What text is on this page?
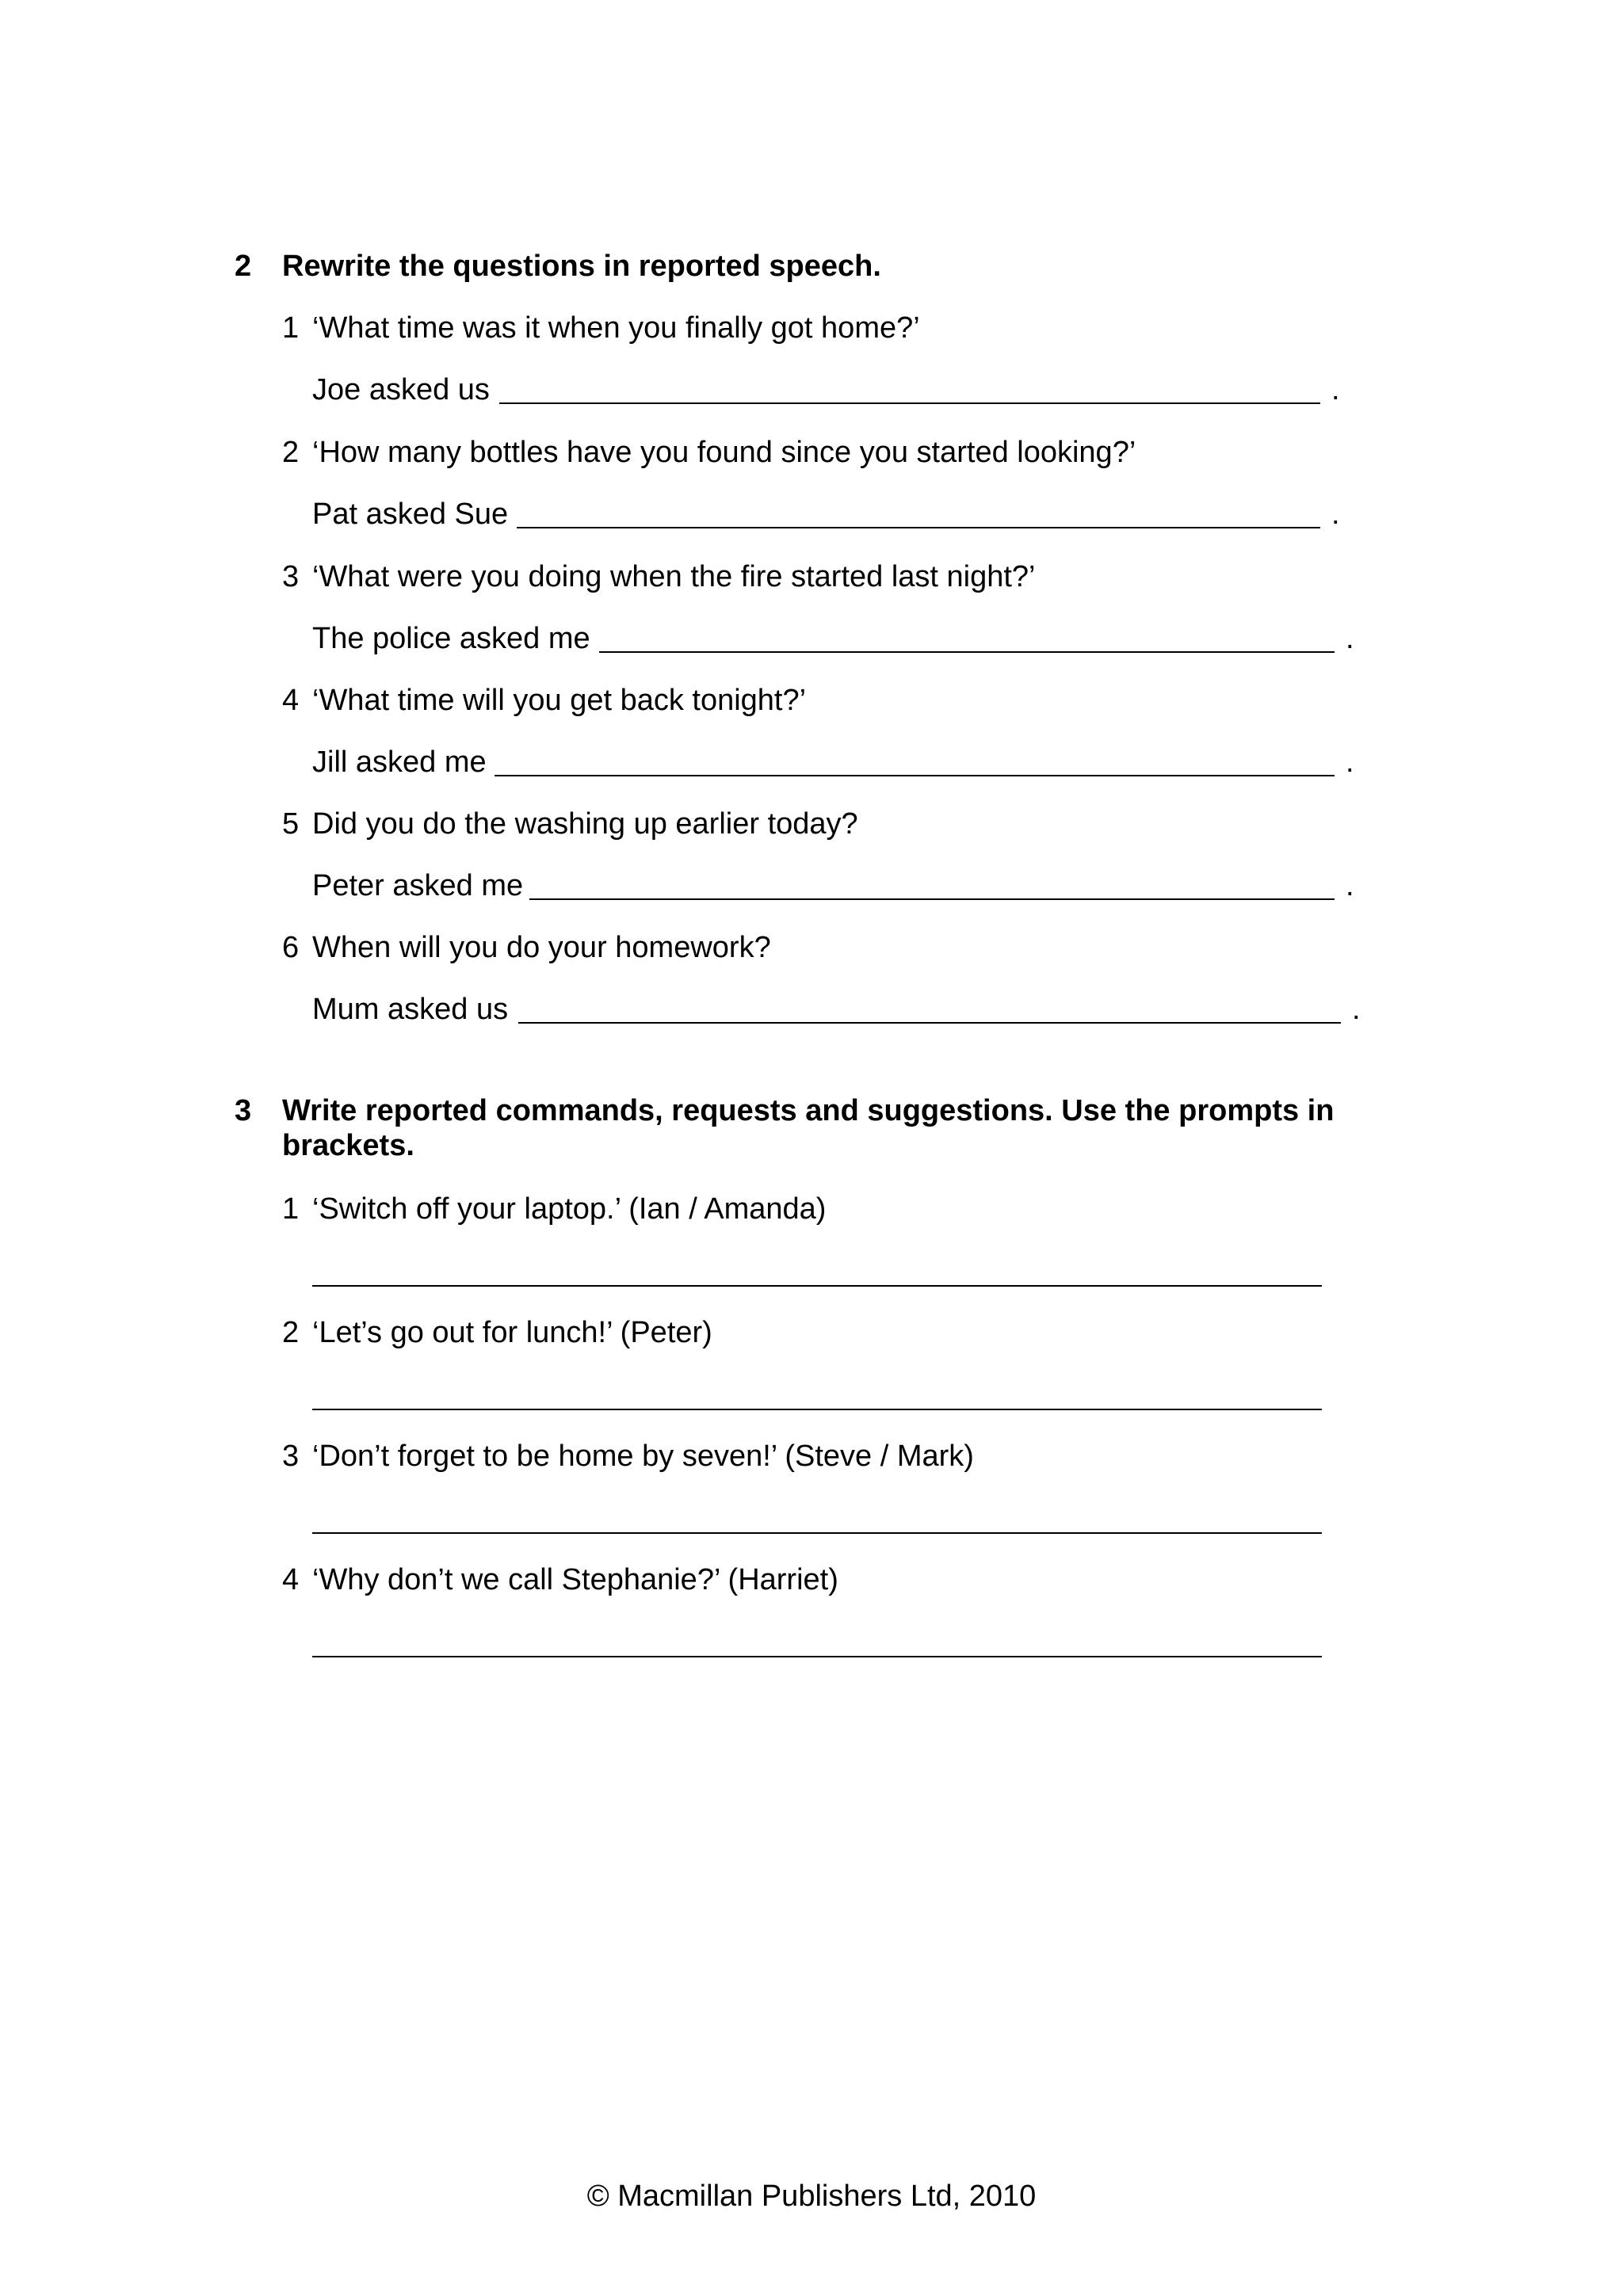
2 Rewrite the questions in reported speech.
1 ‘What time was it when you finally got home?’
Joe asked us	.
2 ‘How many bottles have you found since you started looking?’
Pat asked Sue	.
3 ‘What were you doing when the fire started last night?’
The police asked me	.
4 ‘What time will you get back tonight?’
Jill asked me	.
5 Did you do the washing up earlier today?
Peter asked me	.
6 When will you do your homework?
Mum asked us	.
3 Write reported commands, requests and suggestions. Use the prompts in
brackets.
1 ‘Switch off your laptop.’ (Ian / Amanda)
2 ‘Let’s go out for lunch!’ (Peter)
3 ‘Don’t forget to be home by seven!’ (Steve / Mark)
4 ‘Why don’t we call Stephanie?’ (Harriet)
© Macmillan Publishers Ltd, 2010
